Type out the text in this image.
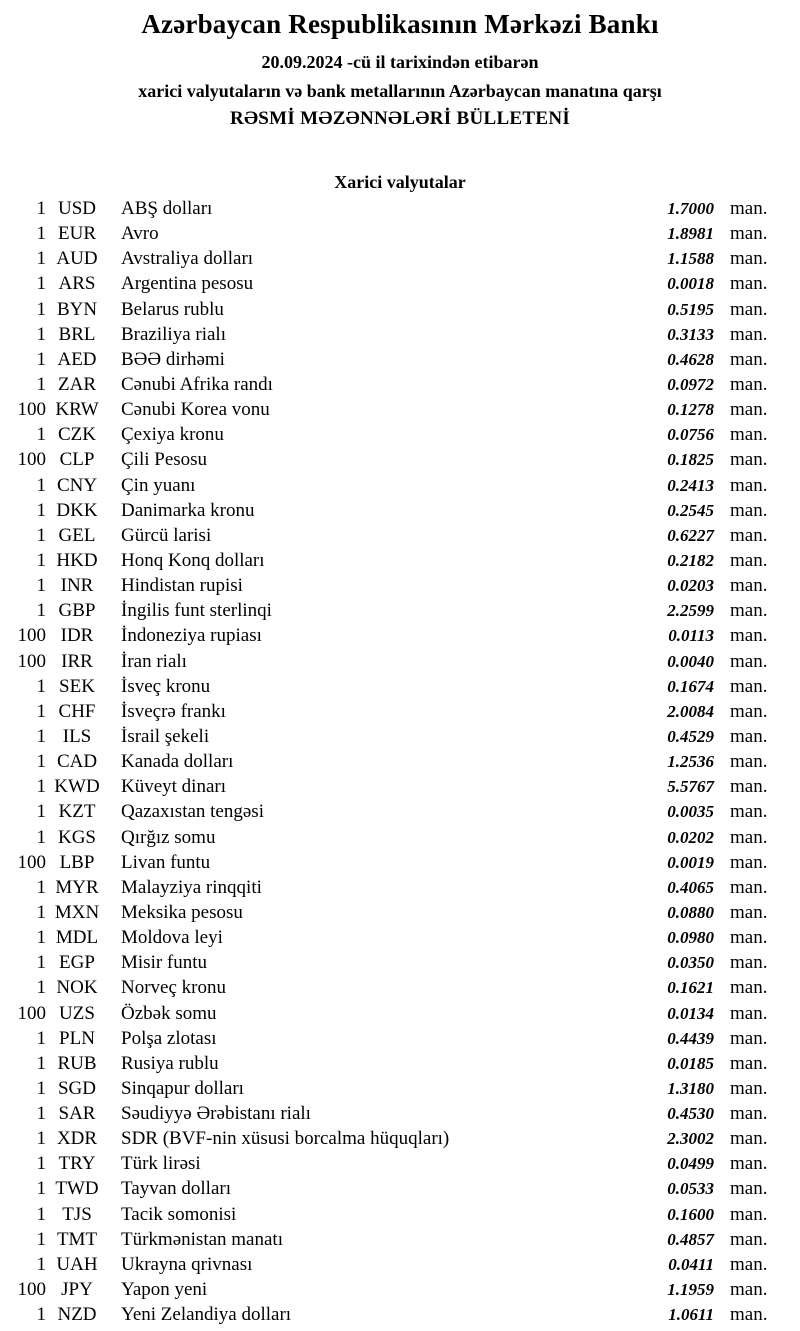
Azərbaycan Respublikasının Mərkəzi Bankı
20.09.2024 -cü il tarixindən etibarən
xarici valyutaların və bank metallarının Azərbaycan manatına qarşı
RƏSMİ MƏZƏNNƏLƏRİ BÜLLETENİ
Xarici valyutalar
1 USD	ABŞ dolları	1.7000 man.
1 EUR	Avro	1.8981 man.
1 AUD	Avstraliya dolları	1.1588 man.
1 ARS	Argentina pesosu	0.0018 man.
1 BYN	Belarus rublu	0.5195 man.
1 BRL	Braziliya rialı	0.3133 man.
1 AED	BƏƏ dirhəmi	0.4628 man.
1 ZAR	Cənubi Afrika randı	0.0972 man.
100 KRW	Cənubi Korea vonu	0.1278 man.
1 CZK	Çexiya kronu	0.0756 man.
100 CLP	Çili Pesosu	0.1825 man.
1 CNY	Çin yuanı	0.2413 man.
1 DKK	Danimarka kronu	0.2545 man.
1 GEL	Gürcü larisi	0.6227 man.
1 HKD	Honq Konq dolları	0.2182 man.
1 INR	Hindistan rupisi	0.0203 man.
1 GBP	İngilis funt sterlinqi	2.2599 man.
100 IDR	İndoneziya rupiası	0.0113 man.
100 IRR	İran rialı	0.0040 man.
1 SEK	İsveç kronu	0.1674 man.
1 CHF	İsveçrə frankı	2.0084 man.
1 ILS	İsrail şekeli	0.4529 man.
1 CAD	Kanada dolları	1.2536 man.
1 KWD	Küveyt dinarı	5.5767 man.
1 KZT	Qazaxıstan tengəsi	0.0035 man.
1 KGS	Qırğız somu	0.0202 man.
100 LBP	Livan funtu	0.0019 man.
1 MYR	Malayziya rinqqiti	0.4065 man.
1 MXN	Meksika pesosu	0.0880 man.
1 MDL	Moldova leyi	0.0980 man.
1 EGP	Misir funtu	0.0350 man.
1 NOK	Norveç kronu	0.1621 man.
100 UZS	Özbək somu	0.0134 man.
1 PLN	Polşa zlotası	0.4439 man.
1 RUB	Rusiya rublu	0.0185 man.
1 SGD	Sinqapur dolları	1.3180 man.
1 SAR	Səudiyyə Ərəbistanı rialı	0.4530 man.
1 XDR	SDR (BVF-nin xüsusi borcalma hüquqları)	2.3002 man.
1 TRY	Türk lirəsi	0.0499 man.
1 TWD	Tayvan dolları	0.0533 man.
1 TJS	Tacik somonisi	0.1600 man.
1 TMT	Türkmənistan manatı	0.4857 man.
1 UAH	Ukrayna qrivnası	0.0411 man.
100 JPY	Yapon yeni	1.1959 man.
1 NZD	Yeni Zelandiya dolları	1.0611 man.
